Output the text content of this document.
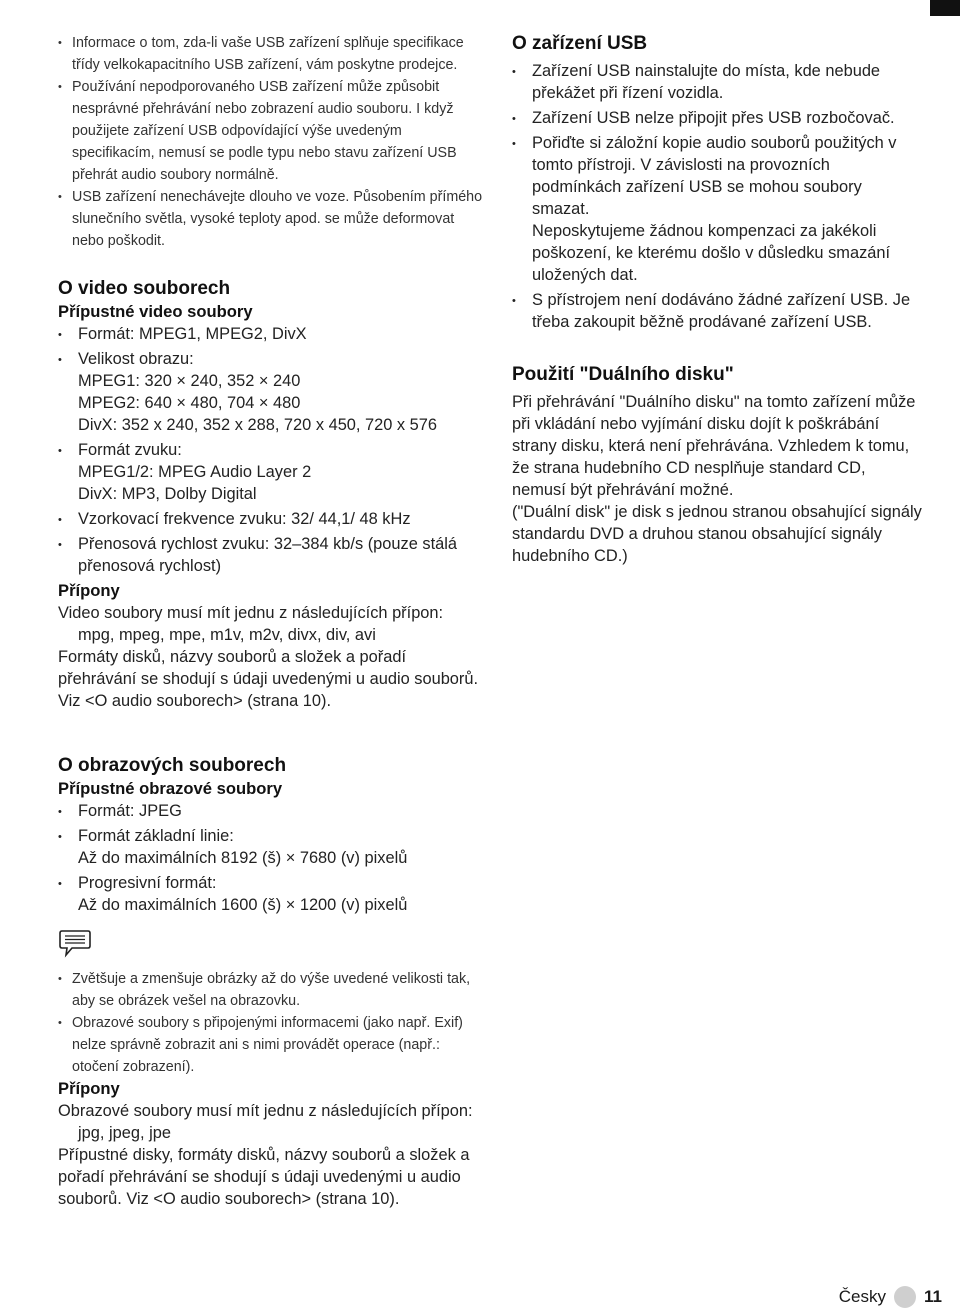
• Informace o tom, zda-li vaše USB zařízení splňuje specifikace třídy velkokapacitního USB zařízení, vám poskytne prodejce.
• Používání nepodporovaného USB zařízení může způsobit nesprávné přehrávání nebo zobrazení audio souboru. I když použijete zařízení USB odpovídající výše uvedeným specifikacím, nemusí se podle typu nebo stavu zařízení USB přehrát audio soubory normálně.
• USB zařízení nenechávejte dlouho ve voze. Působením přímého slunečního světla, vysoké teploty apod. se může deformovat nebo poškodit.
O video souborech
Přípustné video soubory
• Formát: MPEG1, MPEG2, DivX
• Velikost obrazu:
MPEG1: 320 × 240, 352 × 240
MPEG2: 640 × 480, 704 × 480
DivX: 352 x 240, 352 x 288, 720 x 450, 720 x 576
• Formát zvuku:
MPEG1/2: MPEG Audio Layer 2
DivX: MP3, Dolby Digital
• Vzorkovací frekvence zvuku: 32/ 44,1/ 48 kHz
• Přenosová rychlost zvuku: 32–384 kb/s (pouze stálá přenosová rychlost)
Přípony

Video soubory musí mít jednu z následujících přípon:

mpg, mpeg, mpe, m1v, m2v, divx, div, avi

Formáty disků, názvy souborů a složek a pořadí přehrávání se shodují s údaji uvedenými u audio souborů. Viz <O audio souborech> (strana 10).

O obrazových souborech
Přípustné obrazové soubory
• Formát: JPEG
• Formát základní linie:
Až do maximálních 8192 (š) × 7680 (v) pixelů
• Progresivní formát:
Až do maximálních 1600 (š) × 1200 (v) pixelů
• Zvětšuje a zmenšuje obrázky až do výše uvedené velikosti tak, aby se obrázek vešel na obrazovku.
• Obrazové soubory s připojenými informacemi (jako např. Exif) nelze správně zobrazit ani s nimi provádět operace (např.: otočení zobrazení).
Přípony

Obrazové soubory musí mít jednu z následujících přípon:

jpg, jpeg, jpe

Přípustné disky, formáty disků, názvy souborů a složek a pořadí přehrávání se shodují s údaji uvedenými u audio souborů. Viz <O audio souborech> (strana 10).

O zařízení USB
• Zařízení USB nainstalujte do místa, kde nebude překážet při řízení vozidla.
• Zařízení USB nelze připojit přes USB rozbočovač.
• Pořiďte si záložní kopie audio souborů použitých v tomto přístroji. V závislosti na provozních podmínkách zařízení USB se mohou soubory smazat.
Neposkytujeme žádnou kompenzaci za jakékoli poškození, ke kterému došlo v důsledku smazání uložených dat.
• S přístrojem není dodáváno žádné zařízení USB. Je třeba zakoupit běžně prodávané zařízení USB.
Použití "Duálního disku"

Při přehrávání "Duálního disku" na tomto zařízení může při vkládání nebo vyjímání disku dojít k poškrábání strany disku, která není přehrávána. Vzhledem k tomu, že strana hudebního CD nesplňuje standard CD, nemusí být přehrávání možné.

("Duální disk" je disk s jednou stranou obsahující signály standardu DVD a druhou stanou obsahující signály hudebního CD.)

Česky 11
